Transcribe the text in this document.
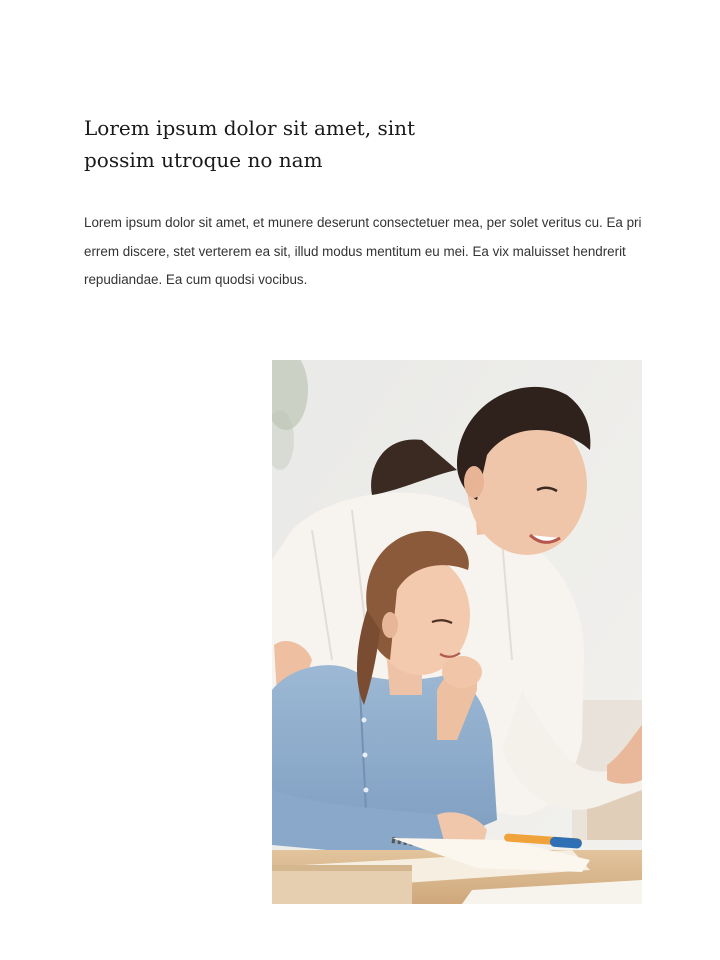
Lorem ipsum dolor sit amet, sint possim utroque no nam

Lorem ipsum dolor sit amet, et munere deserunt consectetuer mea, per solet veritus cu. Ea pri errem discere, stet verterem ea sit, illud modus mentitum eu mei. Ea vix maluisset hendrerit repudiandae. Ea cum quodsi vocibus.
